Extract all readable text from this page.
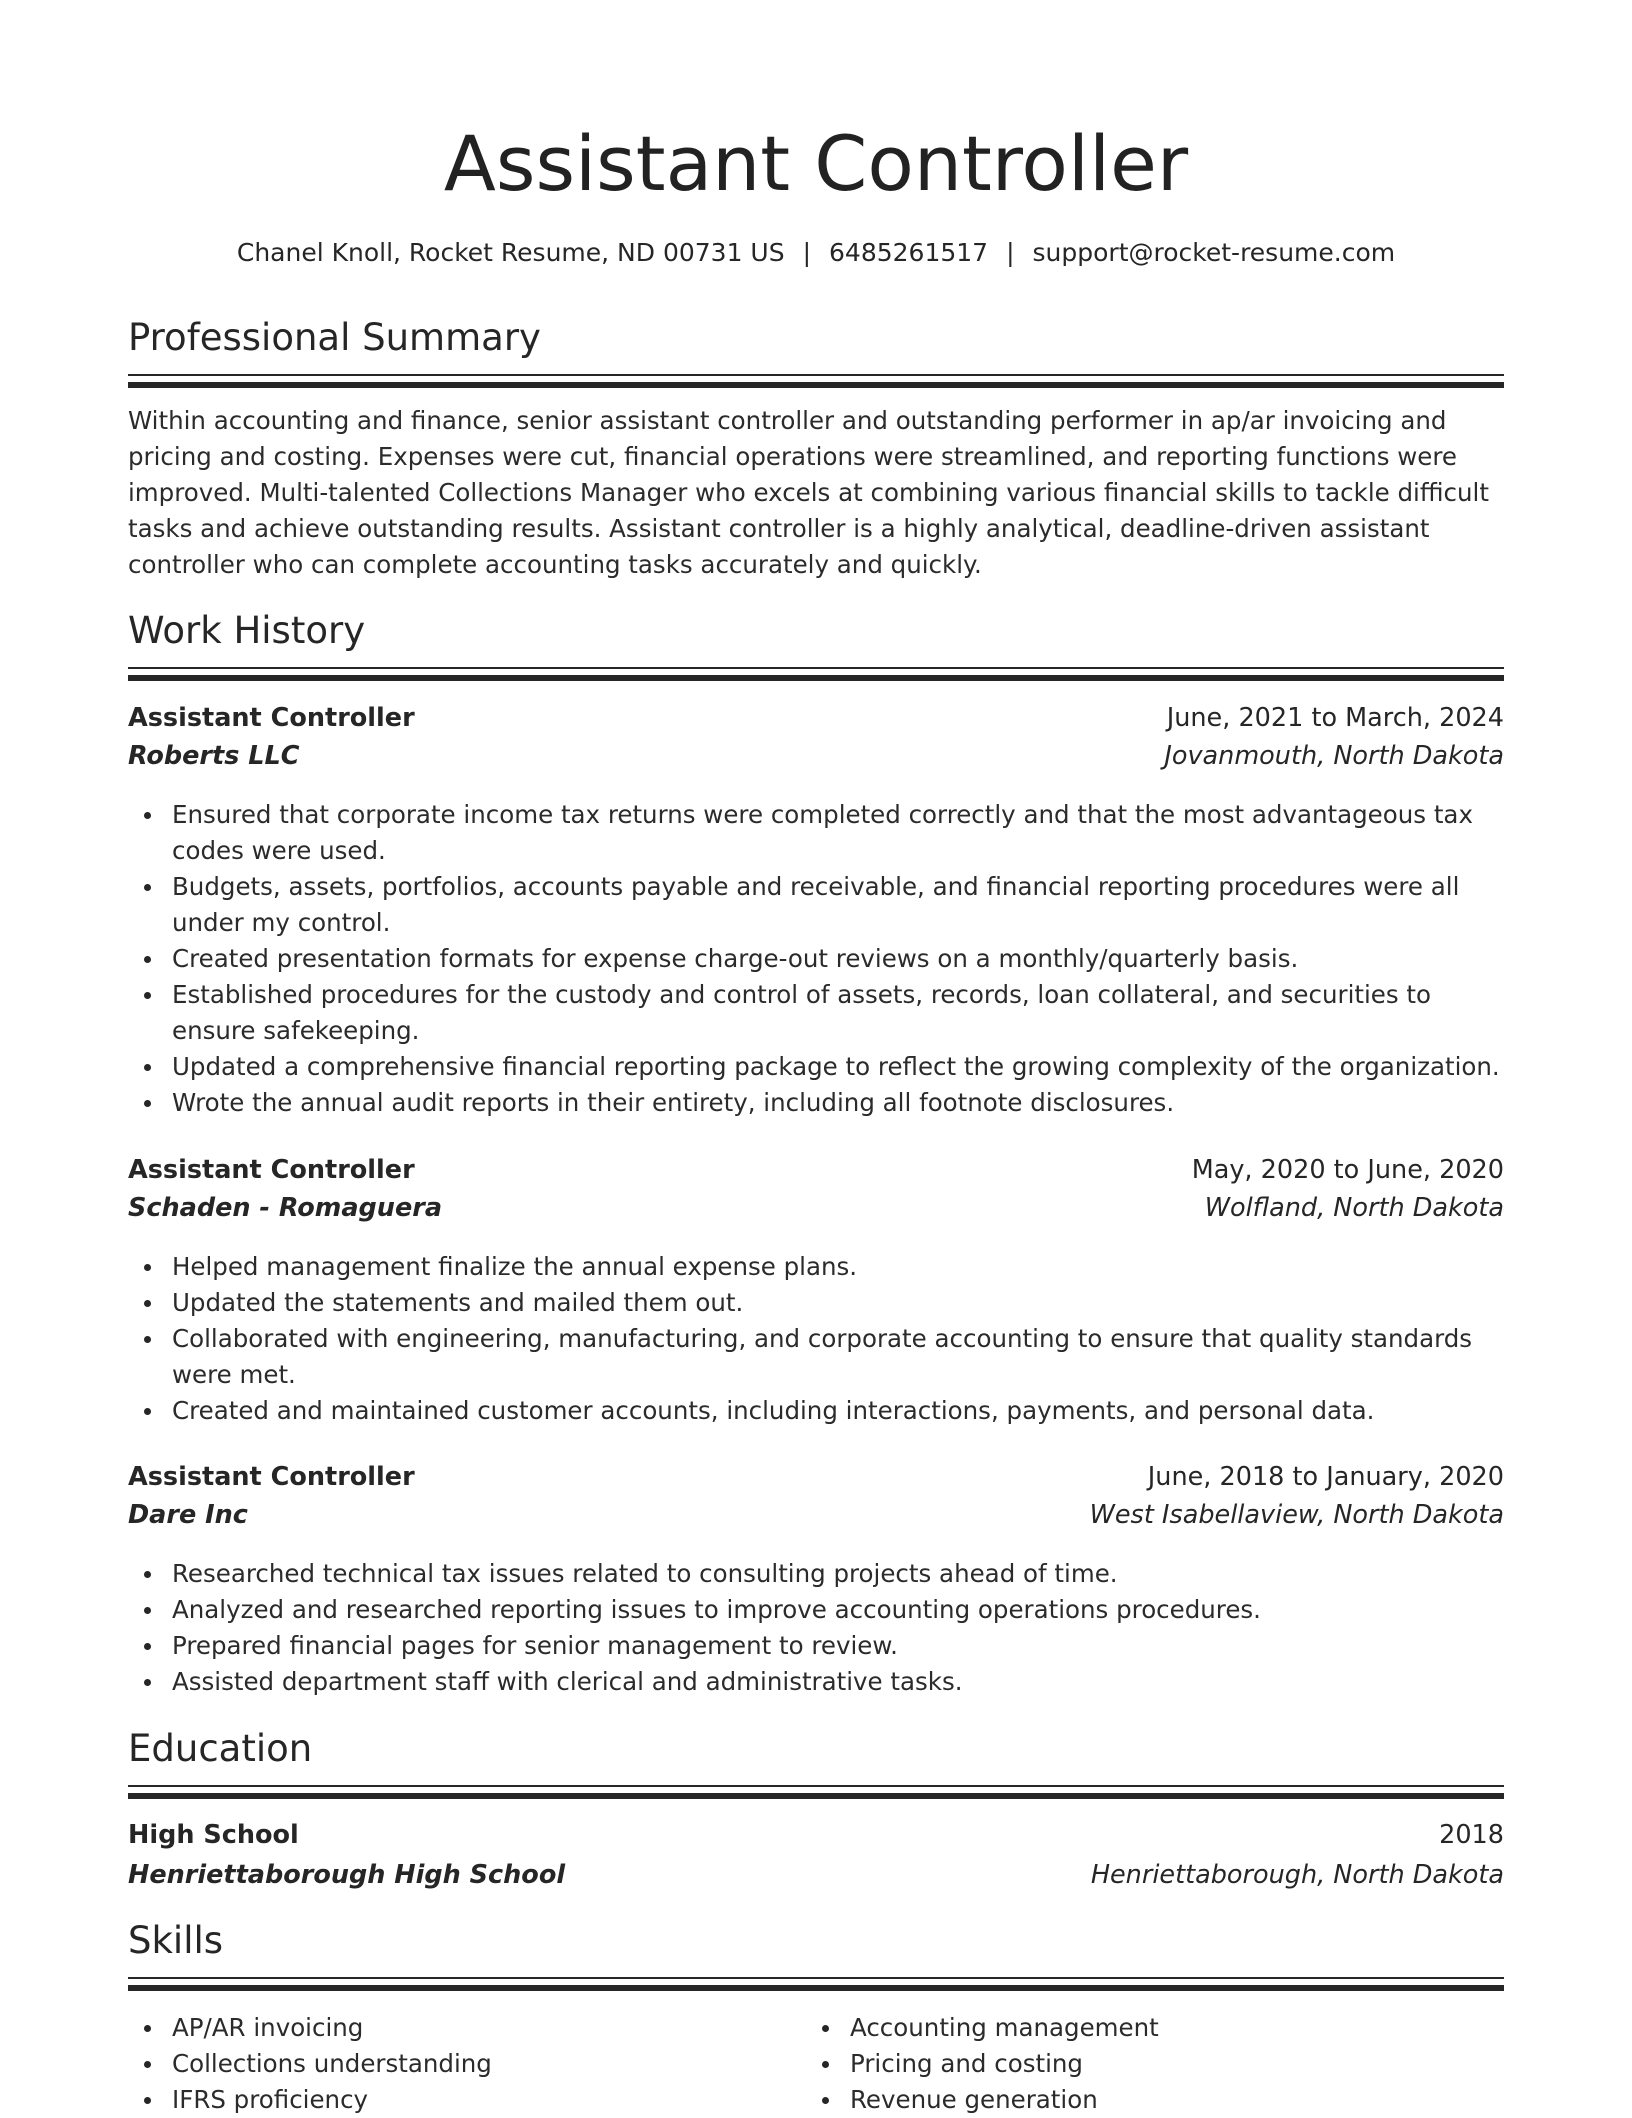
Assistant Controller
Chanel Knoll, Rocket Resume, ND 00731 US | 6485261517 | support@rocket-resume.com
Professional Summary

Within accounting and finance, senior assistant controller and outstanding performer in ap/ar invoicing and pricing and costing. Expenses were cut, financial operations were streamlined, and reporting functions were improved. Multi-talented Collections Manager who excels at combining various financial skills to tackle difficult tasks and achieve outstanding results. Assistant controller is a highly analytical, deadline-driven assistant controller who can complete accounting tasks accurately and quickly.

Work History
Assistant Controller	June, 2021 to March, 2024
Roberts LLC	Jovanmouth, North Dakota
Ensured that corporate income tax returns were completed correctly and that the most advantageous tax codes were used.
Budgets, assets, portfolios, accounts payable and receivable, and financial reporting procedures were all under my control.
Created presentation formats for expense charge-out reviews on a monthly/quarterly basis.
Established procedures for the custody and control of assets, records, loan collateral, and securities to ensure safekeeping.
Updated a comprehensive financial reporting package to reflect the growing complexity of the organization.
Wrote the annual audit reports in their entirety, including all footnote disclosures.
Assistant Controller	May, 2020 to June, 2020
Schaden - Romaguera	Wolfland, North Dakota
Helped management finalize the annual expense plans.
Updated the statements and mailed them out.
Collaborated with engineering, manufacturing, and corporate accounting to ensure that quality standards were met.
Created and maintained customer accounts, including interactions, payments, and personal data.
Assistant Controller	June, 2018 to January, 2020
Dare Inc	West Isabellaview, North Dakota
Researched technical tax issues related to consulting projects ahead of time.
Analyzed and researched reporting issues to improve accounting operations procedures.
Prepared financial pages for senior management to review.
Assisted department staff with clerical and administrative tasks.
Education
High School	2018
Henriettaborough High School	Henriettaborough, North Dakota
Skills
AP/AR invoicing
Collections understanding
IFRS proficiency
Accounting management
Pricing and costing
Revenue generation
